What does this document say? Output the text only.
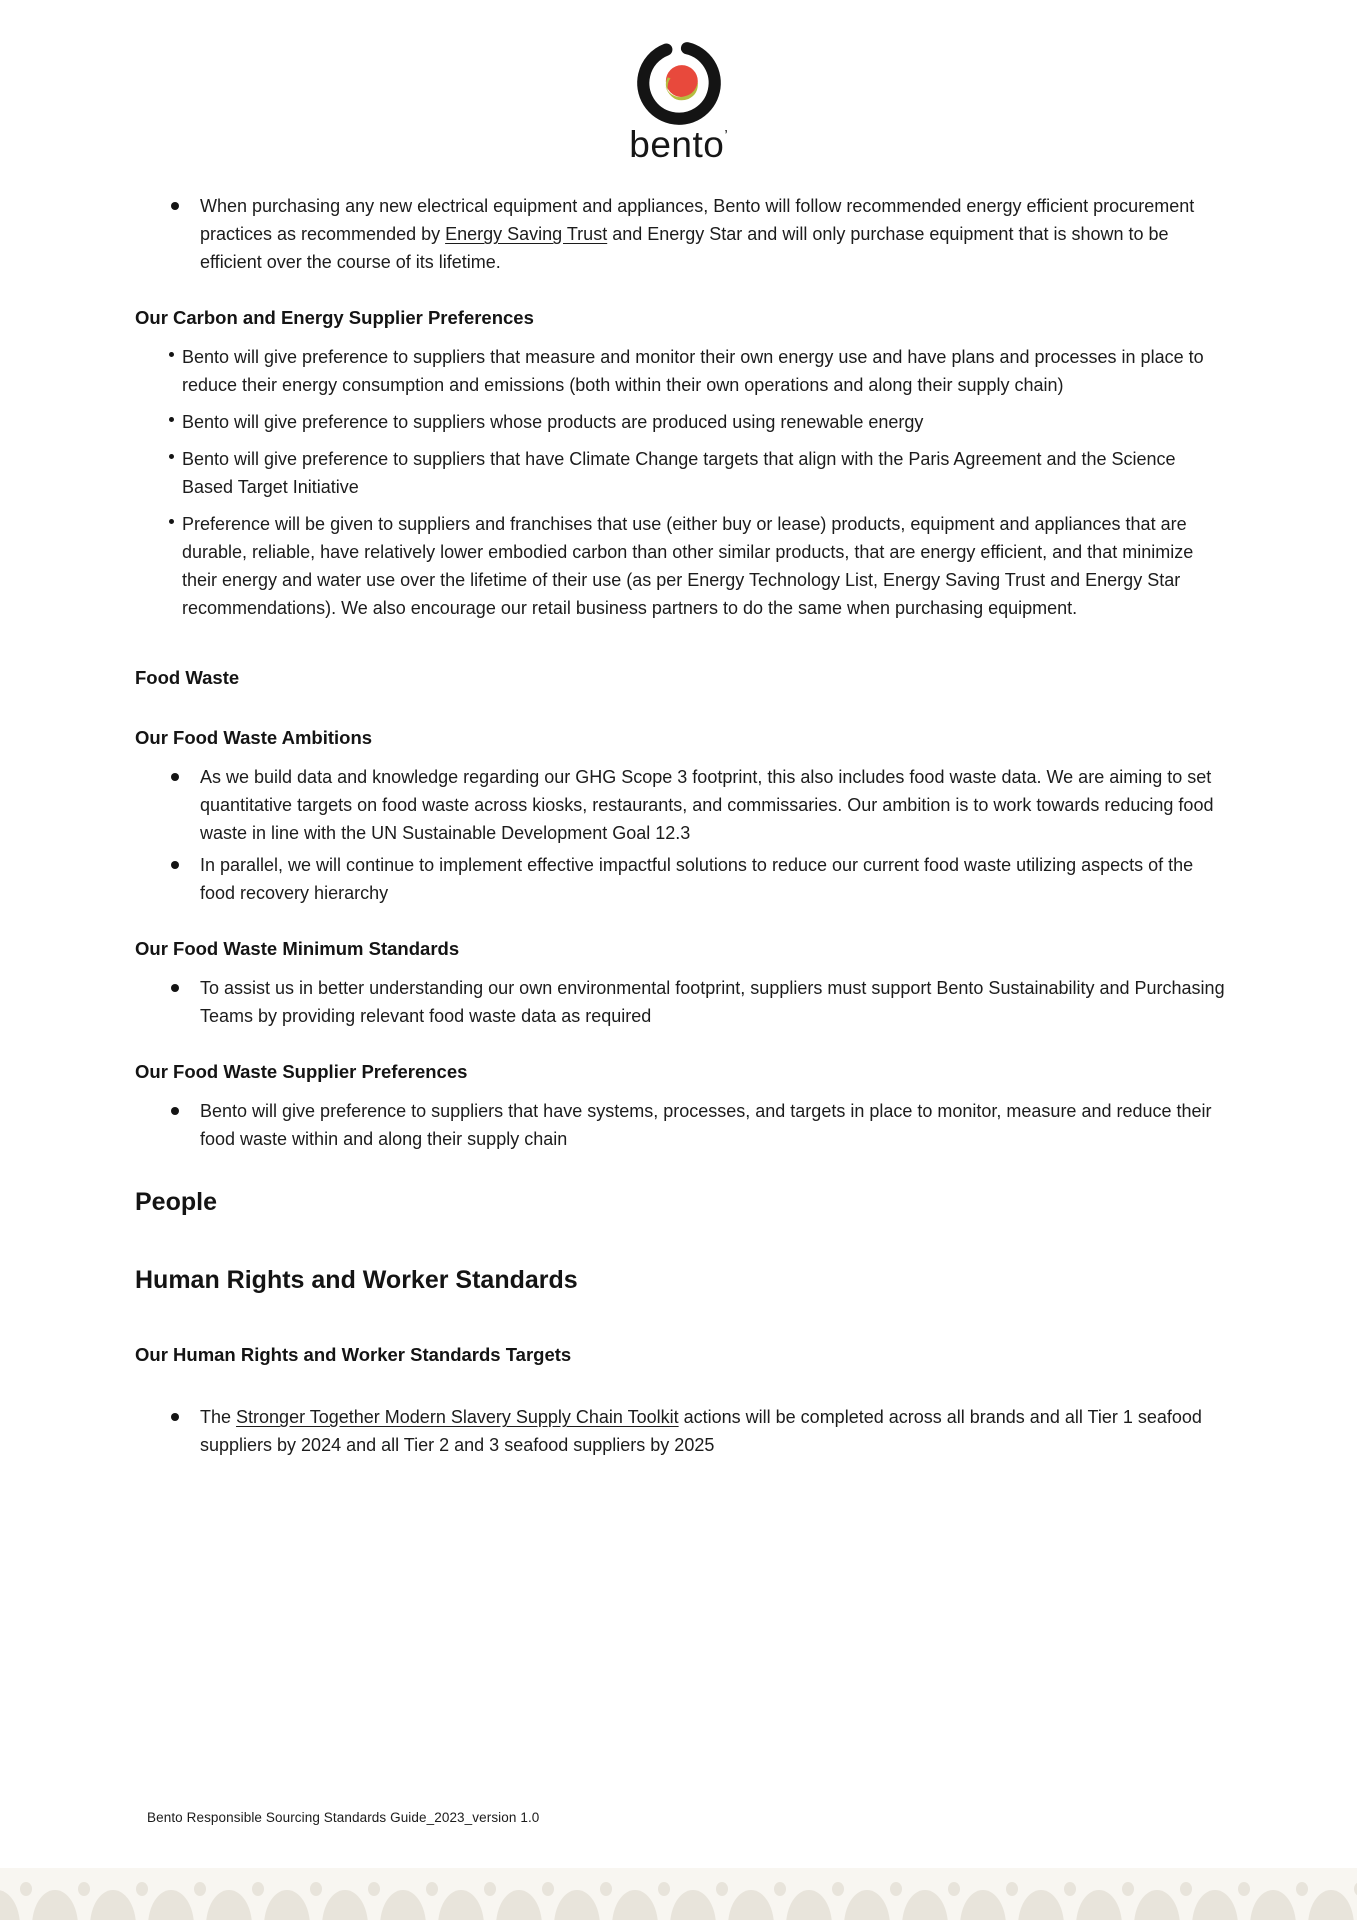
bento ’
When purchasing any new electrical equipment and appliances, Bento will follow recommended energy efficient procurement practices as recommended by Energy Saving Trust and Energy Star and will only purchase equipment that is shown to be efficient over the course of its lifetime.
Our Carbon and Energy Supplier Preferences
Bento will give preference to suppliers that measure and monitor their own energy use and have plans and processes in place to reduce their energy consumption and emissions (both within their own operations and along their supply chain)
Bento will give preference to suppliers whose products are produced using renewable energy
Bento will give preference to suppliers that have Climate Change targets that align with the Paris Agreement and the Science Based Target Initiative
Preference will be given to suppliers and franchises that use (either buy or lease) products, equipment and appliances that are durable, reliable, have relatively lower embodied carbon than other similar products, that are energy efficient, and that minimize their energy and water use over the lifetime of their use (as per Energy Technology List, Energy Saving Trust and Energy Star recommendations). We also encourage our retail business partners to do the same when purchasing equipment.
Food Waste
Our Food Waste Ambitions
As we build data and knowledge regarding our GHG Scope 3 footprint, this also includes food waste data. We are aiming to set quantitative targets on food waste across kiosks, restaurants, and commissaries. Our ambition is to work towards reducing food waste in line with the UN Sustainable Development Goal 12.3
In parallel, we will continue to implement effective impactful solutions to reduce our current food waste utilizing aspects of the food recovery hierarchy
Our Food Waste Minimum Standards
To assist us in better understanding our own environmental footprint, suppliers must support Bento Sustainability and Purchasing Teams by providing relevant food waste data as required
Our Food Waste Supplier Preferences
Bento will give preference to suppliers that have systems, processes, and targets in place to monitor, measure and reduce their food waste within and along their supply chain
People
Human Rights and Worker Standards
Our Human Rights and Worker Standards Targets
The Stronger Together Modern Slavery Supply Chain Toolkit actions will be completed across all brands and all Tier 1 seafood suppliers by 2024 and all Tier 2 and 3 seafood suppliers by 2025
Bento Responsible Sourcing Standards Guide_2023_version 1.0
